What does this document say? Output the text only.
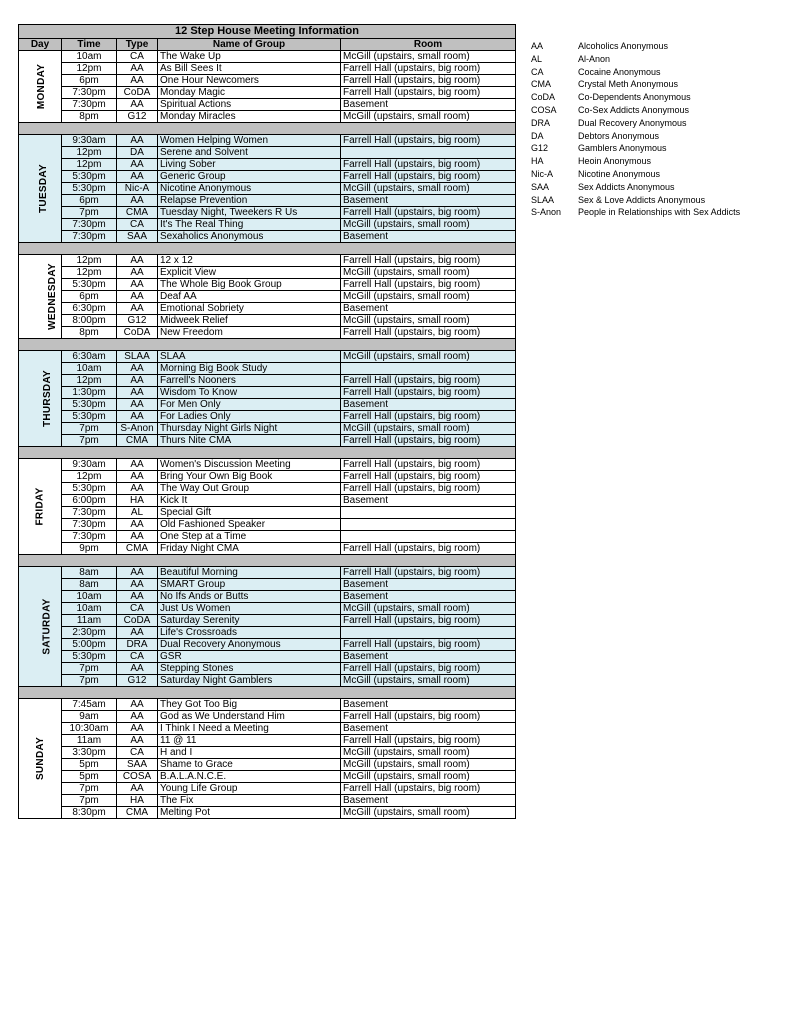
12 Step House Meeting Information				
Day	Time	Type	Name of Group	Room
MONDAY	10am	CA	The Wake Up	McGill (upstairs, small room)
	12pm	AA	As Bill Sees It	Farrell Hall (upstairs, big room)
	6pm	AA	One Hour Newcomers	Farrell Hall (upstairs, big room)
	7:30pm	CoDA	Monday Magic	Farrell Hall (upstairs, big room)
	7:30pm	AA	Spiritual Actions	Basement
	8pm	G12	Monday Miracles	McGill (upstairs, small room)

TUESDAY	9:30am	AA	Women Helping Women	Farrell Hall (upstairs, big room)
	12pm	DA	Serene and Solvent	
	12pm	AA	Living Sober	Farrell Hall (upstairs, big room)
	5:30pm	AA	Generic Group	Farrell Hall (upstairs, big room)
	5:30pm	Nic-A	Nicotine Anonymous	McGill (upstairs, small room)
	6pm	AA	Relapse Prevention	Basement
	7pm	CMA	Tuesday Night, Tweekers R Us	Farrell Hall (upstairs, big room)
	7:30pm	CA	It's The Real Thing	McGill (upstairs, small room)
	7:30pm	SAA	Sexaholics Anonymous	Basement

WEDNESDAY	12pm	AA	12 x 12	Farrell Hall (upstairs, big room)
	12pm	AA	Explicit View	McGill (upstairs, small room)
	5:30pm	AA	The Whole Big Book Group	Farrell Hall (upstairs, big room)
	6pm	AA	Deaf AA	McGill (upstairs, small room)
	6:30pm	AA	Emotional Sobriety	Basement
	8:00pm	G12	Midweek Relief	McGill (upstairs, small room)
	8pm	CoDA	New Freedom	Farrell Hall (upstairs, big room)

THURSDAY	6:30am	SLAA	SLAA	McGill (upstairs, small room)
	10am	AA	Morning Big Book Study	
	12pm	AA	Farrell's Nooners	Farrell Hall (upstairs, big room)
	1:30pm	AA	Wisdom To Know	Farrell Hall (upstairs, big room)
	5:30pm	AA	For Men Only	Basement
	5:30pm	AA	For Ladies Only	Farrell Hall (upstairs, big room)
	7pm	S-Anon	Thursday Night Girls Night	McGill (upstairs, small room)
	7pm	CMA	Thurs Nite CMA	Farrell Hall (upstairs, big room)

FRIDAY	9:30am	AA	Women's Discussion Meeting	Farrell Hall (upstairs, big room)
	12pm	AA	Bring Your Own Big Book	Farrell Hall (upstairs, big room)
	5:30pm	AA	The Way Out Group	Farrell Hall (upstairs, big room)
	6:00pm	HA	Kick It	Basement
	7:30pm	AL	Special Gift	
	7:30pm	AA	Old Fashioned Speaker	
	7:30pm	AA	One Step at a Time	
	9pm	CMA	Friday Night CMA	Farrell Hall (upstairs, big room)

SATURDAY	8am	AA	Beautiful Morning	Farrell Hall (upstairs, big room)
	8am	AA	SMART Group	Basement
	10am	AA	No Ifs Ands or Butts	Basement
	10am	CA	Just Us Women	McGill (upstairs, small room)
	11am	CoDA	Saturday Serenity	Farrell Hall (upstairs, big room)
	2:30pm	AA	Life's Crossroads	
	5:00pm	DRA	Dual Recovery Anonymous	Farrell Hall (upstairs, big room)
	5:30pm	CA	GSR	Basement
	7pm	AA	Stepping Stones	Farrell Hall (upstairs, big room)
	7pm	G12	Saturday Night Gamblers	McGill (upstairs, small room)

SUNDAY	7:45am	AA	They Got Too Big	Basement
	9am	AA	God as We Understand Him	Farrell Hall (upstairs, big room)
	10:30am	AA	I Think I Need a Meeting	Basement
	11am	AA	11 @ 11	Farrell Hall (upstairs, big room)
	3:30pm	CA	H and I	McGill (upstairs, small room)
	5pm	SAA	Shame to Grace	McGill (upstairs, small room)
	5pm	COSA	B.A.L.A.N.C.E.	McGill (upstairs, small room)
	7pm	AA	Young Life Group	Farrell Hall (upstairs, big room)
	7pm	HA	The Fix	Basement
	8:30pm	CMA	Melting Pot	McGill (upstairs, small room)
AA	Alcoholics Anonymous
AL	Al-Anon
CA	Cocaine Anonymous
CMA	Crystal Meth Anonymous
CoDA	Co-Dependents Anonymous
COSA	Co-Sex Addicts Anonymous
DRA	Dual Recovery Anonymous
DA	Debtors Anonymous
G12	Gamblers Anonymous
HA	Heoin Anonymous
Nic-A	Nicotine Anonymous
SAA	Sex Addicts Anonymous
SLAA	Sex & Love Addicts Anonymous
S-Anon	People in Relationships with Sex Addicts
